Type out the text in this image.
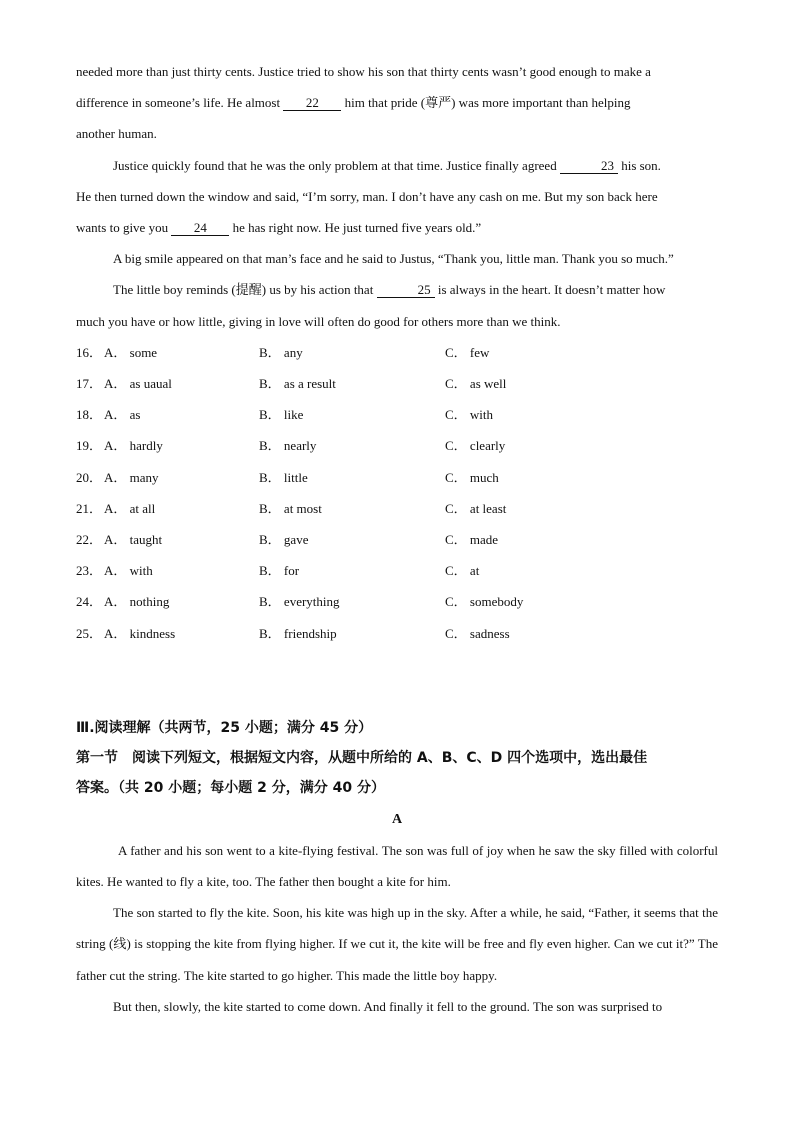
needed more than just thirty cents. Justice tried to show his son that thirty cents wasn’t good enough to make a
difference in someone’s life. He almost 22 him that pride (尊严) was more important than helping
another human.
Justice quickly found that he was the only problem at that time. Justice finally agreed	23 his son.
He then turned down the window and said, “I’m sorry, man. I don’t have any cash on me. But my son back here
wants to give you 24 he has right now. He just turned five years old.”
A big smile appeared on that man’s face and he said to Justus, “Thank you, little man. Thank you so much.”
The little boy reminds (提醒) us by his action that	25 is always in the heart. It doesn’t matter how
much you have or how little, giving in love will often do good for others more than we think.
16． A． some	B． any	C． few
17． A． as uaual	B． as a result	C． as well
18． A． as	B． like	C． with
19． A． hardly	B． nearly	C． clearly
20． A． many	B． little	C． much
21． A． at all	B． at most	C． at least
22． A． taught	B． gave	C． made
23． A． with	B． for	C． at
24． A． nothing	B． everything	C． somebody
25． A． kindness	B． friendship	C． sadness
Ⅲ.阅读理解（共两节，25 小题；满分 45 分）
第一节　阅读下列短文，根据短文内容，从题中所给的 A、B、C、D 四个选项中，选出最佳
答案。（共 20 小题；每小题 2 分，满分 40 分）
A
A father and his son went to a kite-flying festival. The son was full of joy when he saw the sky filled with colorful kites. He wanted to fly a kite, too. The father then bought a kite for him.
The son started to fly the kite. Soon, his kite was high up in the sky. After a while, he said, “Father, it seems that the string (线) is stopping the kite from flying higher. If we cut it, the kite will be free and fly even higher. Can we cut it?” The father cut the string. The kite started to go higher. This made the little boy happy.
But then, slowly, the kite started to come down. And finally it fell to the ground. The son was surprised to
